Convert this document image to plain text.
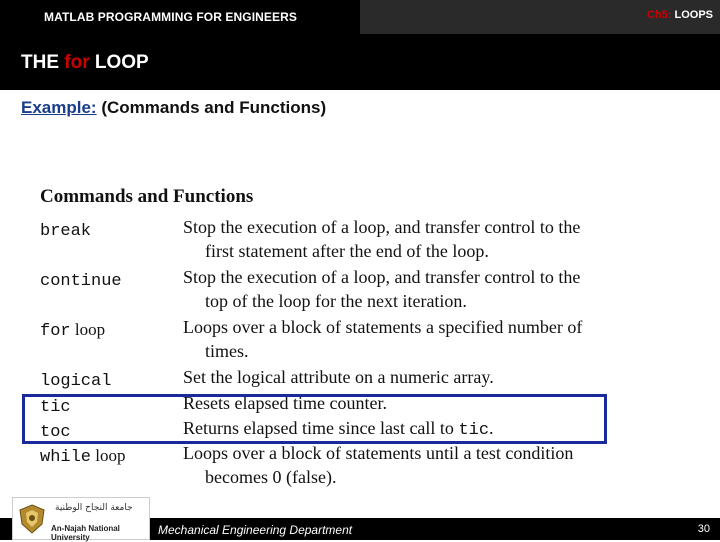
MATLAB PROGRAMMING FOR ENGINEERS	Ch5: LOOPS
THE for LOOP
Example: (Commands and Functions)
Commands and Functions
break	Stop the execution of a loop, and transfer control to the
first statement after the end of the loop.
continue	Stop the execution of a loop, and transfer control to the
top of the loop for the next iteration.
for loop	Loops over a block of statements a specified number of
times.
logical	Set the logical attribute on a numeric array.
tic	Resets elapsed time counter.
toc	Returns elapsed time since last call to tic.
while loop	Loops over a block of statements until a test condition
becomes 0 (false).
جامعة النجاح الوطنية
An-Najah National University
Mechanical Engineering Department	30
